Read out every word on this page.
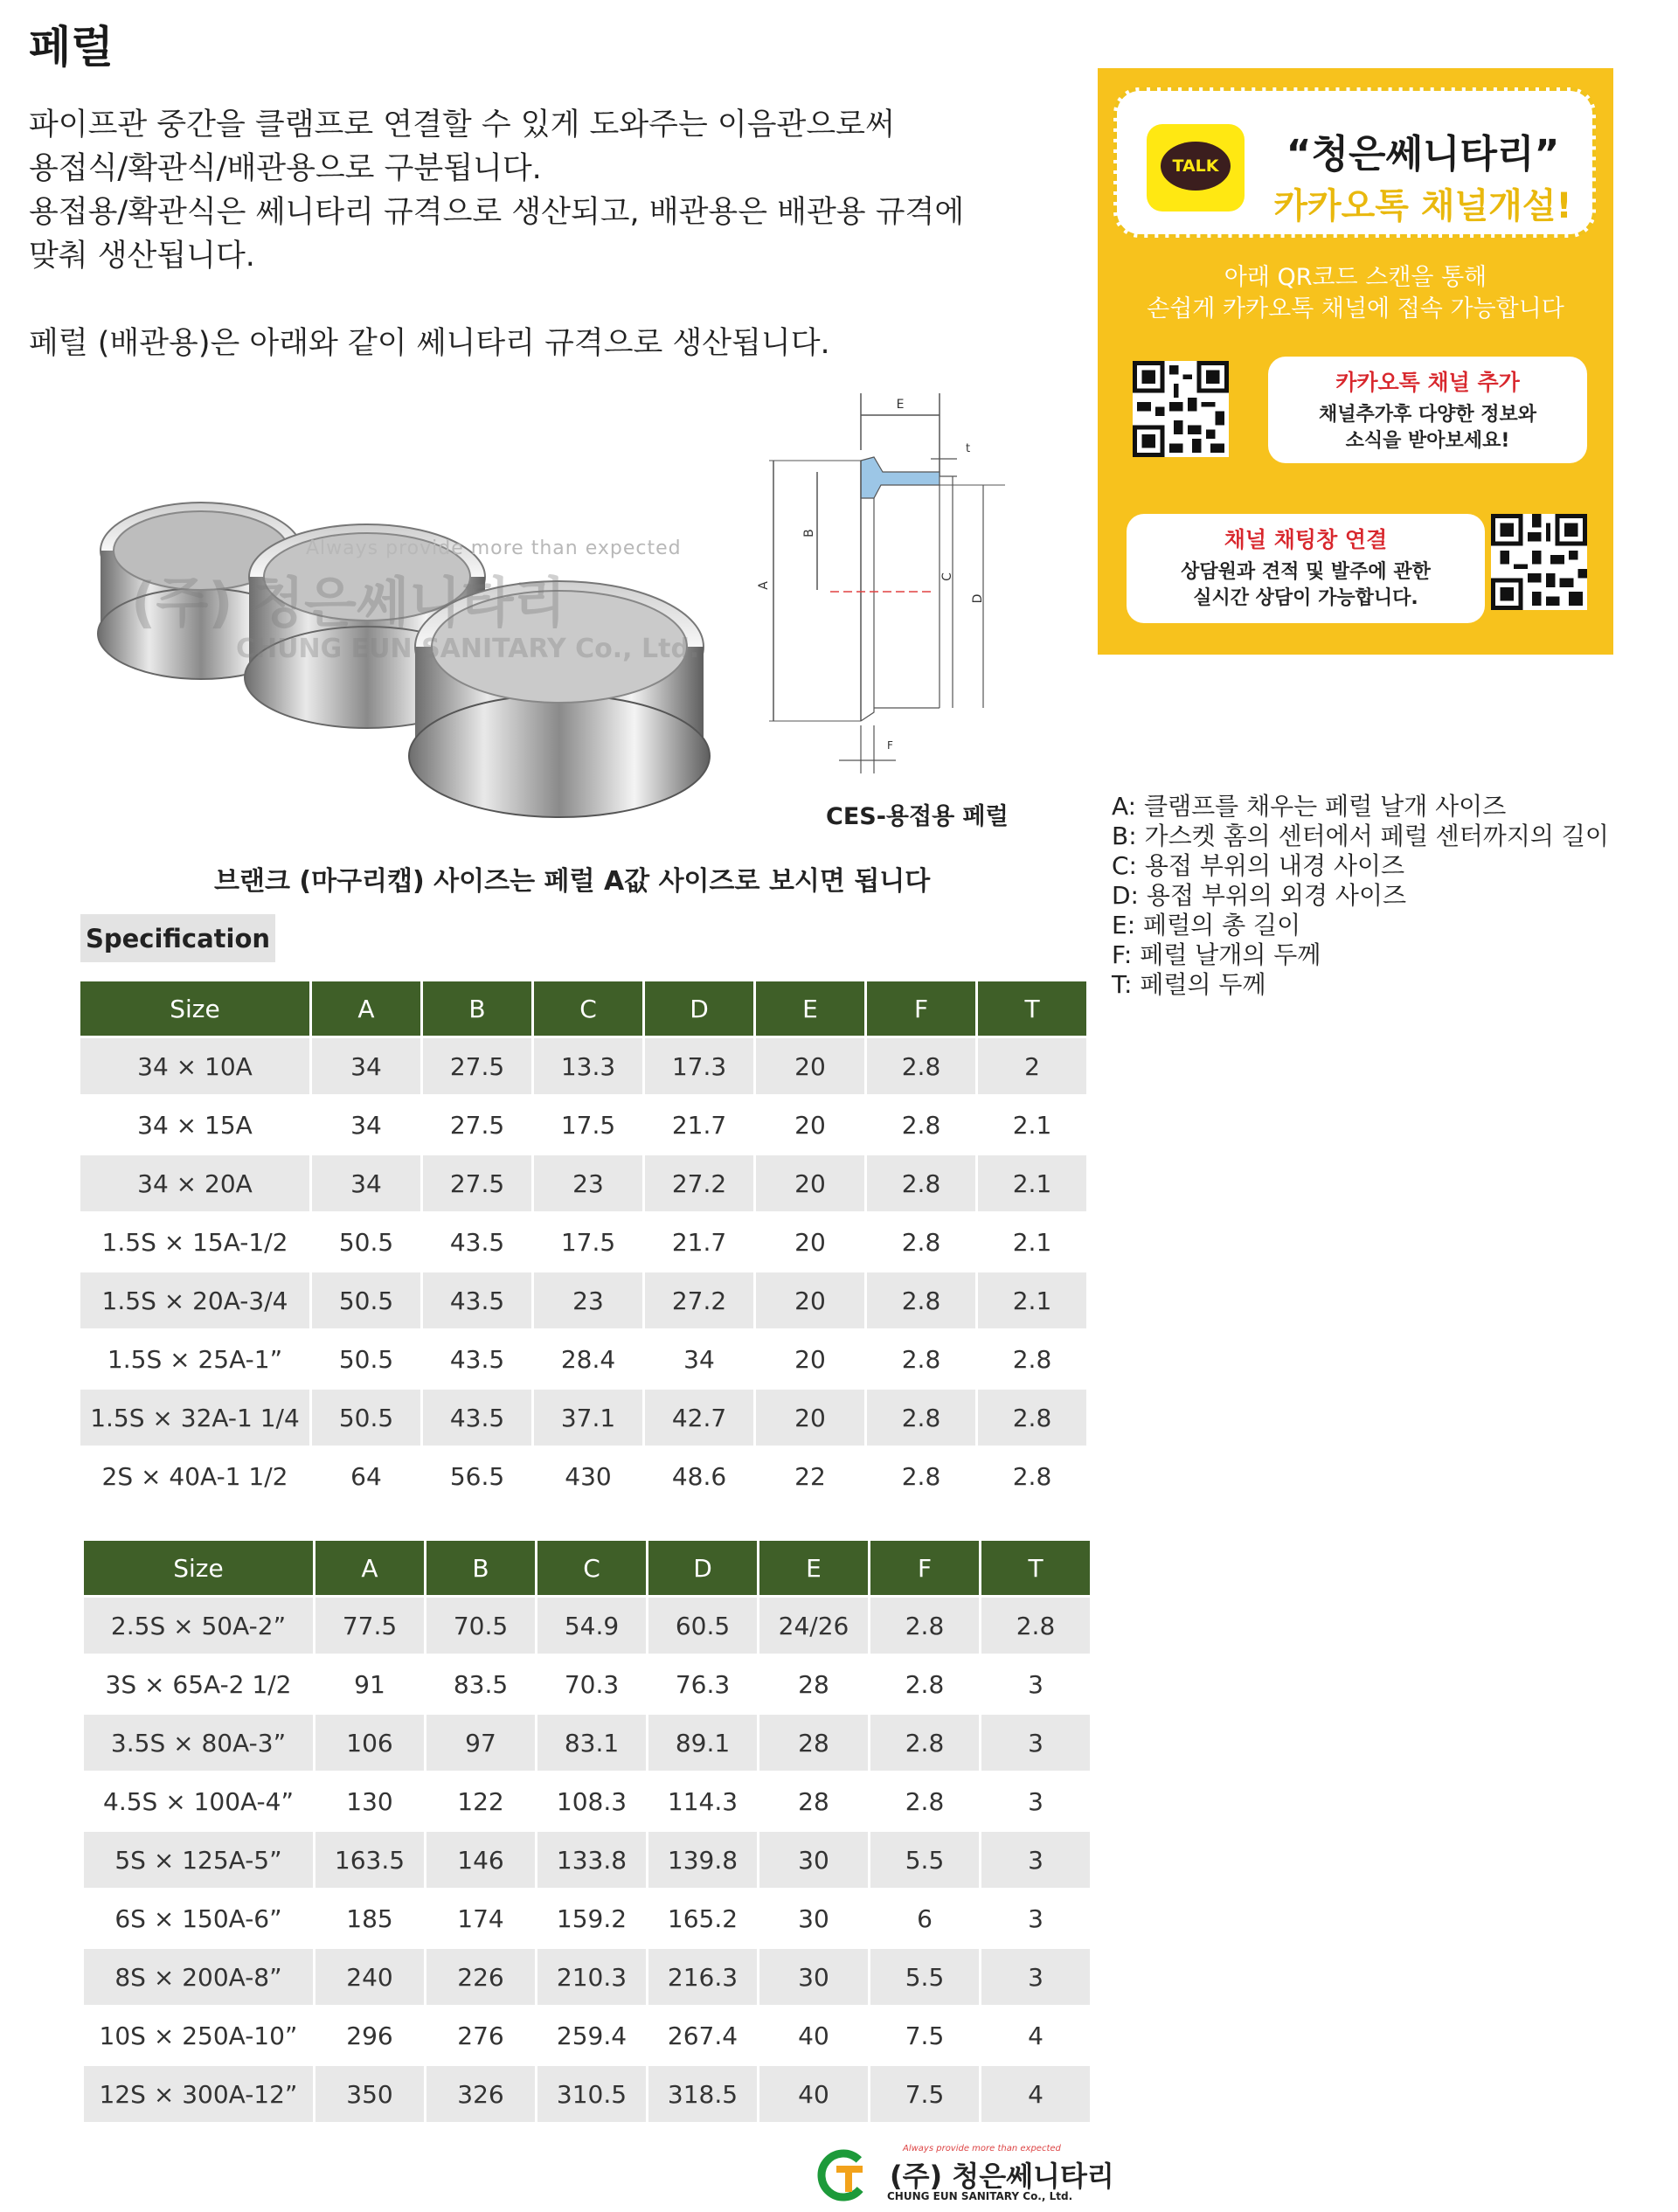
페럴
파이프관 중간을 클램프로 연결할 수 있게 도와주는 이음관으로써
용접식/확관식/배관용으로 구분됩니다.
용접용/확관식은 쎄니타리 규격으로 생산되고, 배관용은 배관용 규격에
맞춰 생산됩니다.
페럴 (배관용)은 아래와 같이 쎄니타리 규격으로 생산됩니다.
Always provide more than expected
(주) 청은쎄니타리
CHUNG EUN SANITARY Co., Ltd.
E
t
A
B
C
D
F
CES-용접용 페럴
브랜크 (마구리캡) 사이즈는 페럴 A값 사이즈로 보시면 됩니다
Specification
Size	A	B	C	D	E	F	T
34 × 10A	34	27.5	13.3	17.3	20	2.8	2
34 × 15A	34	27.5	17.5	21.7	20	2.8	2.1
34 × 20A	34	27.5	23	27.2	20	2.8	2.1
1.5S × 15A-1/2	50.5	43.5	17.5	21.7	20	2.8	2.1
1.5S × 20A-3/4	50.5	43.5	23	27.2	20	2.8	2.1
1.5S × 25A-1”	50.5	43.5	28.4	34	20	2.8	2.8
1.5S × 32A-1 1/4	50.5	43.5	37.1	42.7	20	2.8	2.8
2S × 40A-1 1/2	64	56.5	430	48.6	22	2.8	2.8
Size	A	B	C	D	E	F	T
2.5S × 50A-2”	77.5	70.5	54.9	60.5	24/26	2.8	2.8
3S × 65A-2 1/2	91	83.5	70.3	76.3	28	2.8	3
3.5S × 80A-3”	106	97	83.1	89.1	28	2.8	3
4.5S × 100A-4”	130	122	108.3	114.3	28	2.8	3
5S × 125A-5”	163.5	146	133.8	139.8	30	5.5	3
6S × 150A-6”	185	174	159.2	165.2	30	6	3
8S × 200A-8”	240	226	210.3	216.3	30	5.5	3
10S × 250A-10”	296	276	259.4	267.4	40	7.5	4
12S × 300A-12”	350	326	310.5	318.5	40	7.5	4
A: 클램프를 채우는 페럴 날개 사이즈
B: 가스켓 홈의 센터에서 페럴 센터까지의 길이
C: 용접 부위의 내경 사이즈
D: 용접 부위의 외경 사이즈
E: 페럴의 총 길이
F: 페럴 날개의 두께
T: 페럴의 두께
TALK	“청은쎄니타리”
카카오톡 채널개설!
아래 QR코드 스캔을 통해
손쉽게 카카오톡 채널에 접속 가능합니다
카카오톡 채널 추가
채널추가후 다양한 정보와
소식을 받아보세요!
채널 채팅창 연결
상담원과 견적 및 발주에 관한
실시간 상담이 가능합니다.
Always provide more than expected
(주) 청은쎄니타리
CHUNG EUN SANITARY Co., Ltd.
